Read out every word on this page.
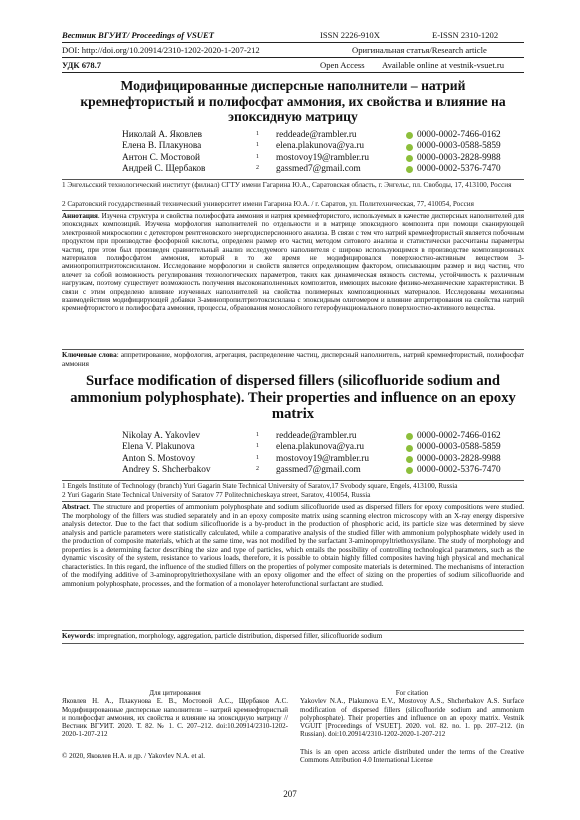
Вестник ВГУИТ/ Proceedings of VSUET	ISSN 2226-910X	E-ISSN 2310-1202
DOI: http://doi.org/10.20914/2310-1202-2020-1-207-212	Оригинальная статья/Research article
УДК 678.7	Open Access Available online at vestnik-vsuet.ru
Модифицированные дисперсные наполнители – натрий кремнефтористый и полифосфат аммония, их свойства и влияние на эпоксидную матрицу
Николай А. Яковлев	1	reddeade@rambler.ru	0000-0002-7466-0162
Елена В. Плакунова	1	elena.plakunova@ya.ru	0000-0003-0588-5859
Антон С. Мостовой	1	mostovoy19@rambler.ru	0000-0003-2828-9988
Андрей С. Щербаков	2	gassmed7@gmail.com	0000-0002-5376-7470
1 Энгельсский технологический институт (филиал) СГТУ имени Гагарина Ю.А., Саратовская область, г. Энгельс, пл. Свободы, 17, 413100, Россия
2 Саратовский государственный технический университет имени Гагарина Ю.А. / г. Саратов, ул. Политехническая, 77, 410054, Россия
Аннотация. Изучена структура и свойства полифосфата аммония и натрия кремнефтористого, используемых в качестве дисперсных наполнителей для эпоксидных композиций. Изучена морфология наполнителей по отдельности и в матрице эпоксидного композита при помощи сканирующей электронной микроскопии с детектором рентгеновского энергодисперсионного анализа. В связи с тем что натрий кремнефтористый является побочным продуктом при производстве фосфорной кислоты, определен размер его частиц методом ситового анализа и статистически рассчитаны параметры частиц, при этом был произведен сравнительный анализ исследуемого наполнителя с широко использующимся в производстве композиционных материалов полифосфатом аммония, который в то же время не модифицировался поверхностно-активным веществом 3-аминопропилтриэтоксисиланом. Исследование морфологии и свойств является определяющим фактором, описывающим размер и вид частиц, что влечет за собой возможность регулирования технологических параметров, таких как динамическая вязкость системы, устойчивость к различным нагрузкам, поэтому существует возможность получения высоконаполненных композитов, имеющих высокие физико-механические характеристики. В связи с этим определено влияние изученных наполнителей на свойства полимерных композиционных материалов. Исследованы механизмы взаимодействия модифицирующей добавки 3-аминопропилтриэтоксисилана с эпоксидным олигомером и влияние аппретирования на свойства натрий кремнефтористого и полифосфата аммония, процессы, образования монослойного гетерофункционального поверхностно-активного вещества.
Ключевые слова: аппретирование, морфология, агрегация, распределение частиц, дисперсный наполнитель, натрий кремнефтористый, полифосфат аммония
Surface modification of dispersed fillers (silicofluoride sodium and ammonium polyphosphate). Their properties and influence on an epoxy matrix
Nikolay A. Yakovlev	1	reddeade@rambler.ru	0000-0002-7466-0162
Elena V. Plakunova	1	elena.plakunova@ya.ru	0000-0003-0588-5859
Anton S. Mostovoy	1	mostovoy19@rambler.ru	0000-0003-2828-9988
Andrey S. Shcherbakov	2	gassmed7@gmail.com	0000-0002-5376-7470
1 Engels Institute of Technology (branch) Yuri Gagarin State Technical University of Saratov,17 Svobody square, Engels, 413100, Russia
2 Yuri Gagarin State Technical University of Saratov 77 Politechnicheskaya street, Saratov, 410054, Russia
Abstract. The structure and properties of ammonium polyphosphate and sodium silicofluoride used as dispersed fillers for epoxy compositions were studied. The morphology of the fillers was studied separately and in an epoxy composite matrix using scanning electron microscopy with an X-ray energy dispersive analysis detector. Due to the fact that sodium silicofluoride is a by-product in the production of phosphoric acid, its particle size was determined by sieve analysis and particle parameters were statistically calculated, while a comparative analysis of the studied filler with ammonium polyphosphate widely used in the production of composite materials, which at the same time, was not modified by the surfactant 3-aminopropyltriethoxysilane. The study of morphology and properties is a determining factor describing the size and type of particles, which entails the possibility of controlling technological parameters, such as the dynamic viscosity of the system, resistance to various loads, therefore, it is possible to obtain highly filled composites having high physical and mechanical characteristics. In this regard, the influence of the studied fillers on the properties of polymer composite materials is determined. The mechanisms of interaction of the modifying additive of 3-aminopropyltriethoxysilane with an epoxy oligomer and the effect of sizing on the properties of sodium silicofluoride and ammonium polyphosphate, processes, and the formation of a monolayer heterofunctional surfactant are studied.
Keywords: impregnation, morphology, aggregation, particle distribution, dispersed filler, silicofluoride sodium
Для цитирования
Яковлев Н. А., Плакунова Е. В., Мостовой А.С., Щербаков А.С. Модифицированные дисперсные наполнители – натрий кремнефтористый и полифосфат аммония, их свойства и влияние на эпоксидную матрицу // Вестник ВГУИТ. 2020. Т. 82. № 1. С. 207–212. doi:10.20914/2310-1202-2020-1-207-212
For citation
Yakovlev N.A., Plakunova E.V., Mostovoy A.S., Shcherbakov A.S. Surface modification of dispersed fillers (silicofluoride sodium and ammonium polyphosphate). Their properties and influence on an epoxy matrix. Vestnik VGUIT [Proceedings of VSUET]. 2020. vol. 82. no. 1. pp. 207–212. (in Russian). doi:10.20914/2310-1202-2020-1-207-212
© 2020, Яковлев Н.А. и др. / Yakovlev N.A. et al.	This is an open access article distributed under the terms of the Creative Commons Attribution 4.0 International License
207
